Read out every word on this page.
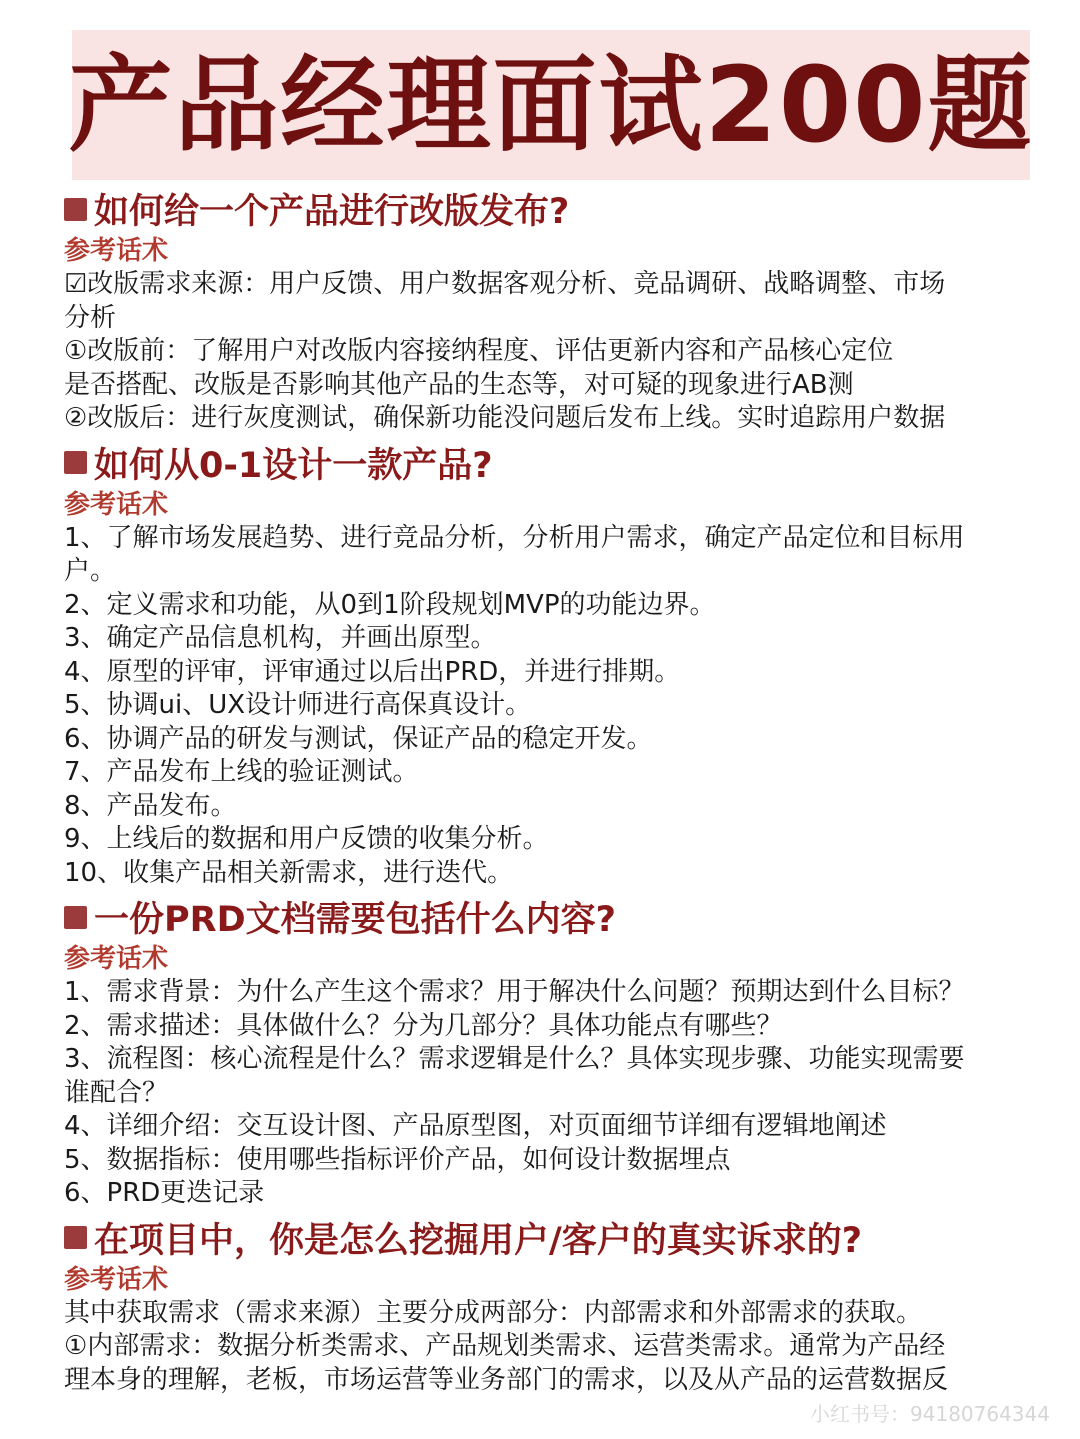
产品经理面试200题
如何给一个产品进行改版发布?
参考话术
☑改版需求来源：用户反馈、用户数据客观分析、竞品调研、战略调整、市场
分析
①改版前：了解用户对改版内容接纳程度、评估更新内容和产品核心定位
是否搭配、改版是否影响其他产品的生态等，对可疑的现象进行AB测
②改版后：进行灰度测试，确保新功能没问题后发布上线。实时追踪用户数据
如何从0-1设计一款产品?
参考话术
1、了解市场发展趋势、进行竞品分析，分析用户需求，确定产品定位和目标用
户。
2、定义需求和功能，从0到1阶段规划MVP的功能边界。
3、确定产品信息机构，并画出原型。
4、原型的评审，评审通过以后出PRD，并进行排期。
5、协调ui、UX设计师进行高保真设计。
6、协调产品的研发与测试，保证产品的稳定开发。
7、产品发布上线的验证测试。
8、产品发布。
9、上线后的数据和用户反馈的收集分析。
10、收集产品相关新需求，进行迭代。
一份PRD文档需要包括什么内容?
参考话术
1、需求背景：为什么产生这个需求？用于解决什么问题？预期达到什么目标？
2、需求描述：具体做什么？分为几部分？具体功能点有哪些？
3、流程图：核心流程是什么？需求逻辑是什么？具体实现步骤、功能实现需要
谁配合？
4、详细介绍：交互设计图、产品原型图，对页面细节详细有逻辑地阐述
5、数据指标：使用哪些指标评价产品，如何设计数据埋点
6、PRD更迭记录
在项目中，你是怎么挖掘用户/客户的真实诉求的?
参考话术
其中获取需求（需求来源）主要分成两部分：内部需求和外部需求的获取。
①内部需求：数据分析类需求、产品规划类需求、运营类需求。通常为产品经
理本身的理解，老板，市场运营等业务部门的需求，以及从产品的运营数据反
小红书号：94180764344
